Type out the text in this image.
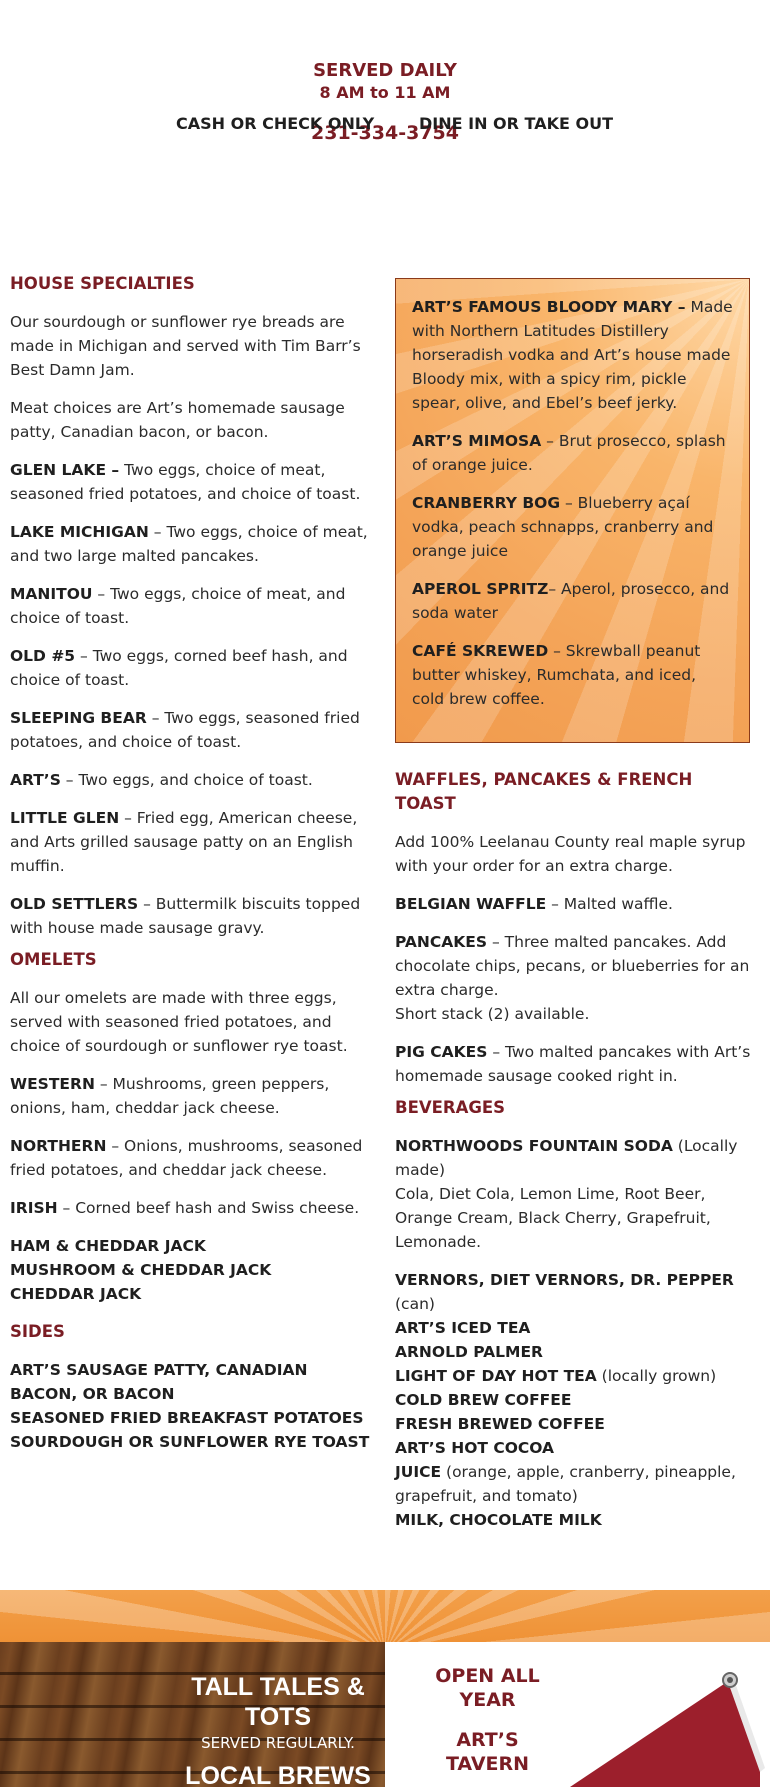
SERVED DAILY
8 AM to 11 AM
231-334-3754
CASH OR CHECK ONLY	DINE IN OR TAKE OUT
HOUSE SPECIALTIES

Our sourdough or sunflower rye breads are made in Michigan and served with Tim Barr’s Best Damn Jam.

Meat choices are Art’s homemade sausage patty, Canadian bacon, or bacon.

GLEN LAKE – Two eggs, choice of meat, seasoned fried potatoes, and choice of toast.

LAKE MICHIGAN – Two eggs, choice of meat, and two large malted pancakes.

MANITOU – Two eggs, choice of meat, and choice of toast.

OLD #5 – Two eggs, corned beef hash, and choice of toast.

SLEEPING BEAR – Two eggs, seasoned fried potatoes, and choice of toast.

ART’S – Two eggs, and choice of toast.

LITTLE GLEN – Fried egg, American cheese, and Arts grilled sausage patty on an English muffin.

OLD SETTLERS – Buttermilk biscuits topped with house made sausage gravy.

OMELETS

All our omelets are made with three eggs, served with seasoned fried potatoes, and choice of sourdough or sunflower rye toast.

WESTERN – Mushrooms, green peppers, onions, ham, cheddar jack cheese.

NORTHERN – Onions, mushrooms, seasoned fried potatoes, and cheddar jack cheese.

IRISH – Corned beef hash and Swiss cheese.

HAM & CHEDDAR JACK
MUSHROOM & CHEDDAR JACK
CHEDDAR JACK
SIDES
ART’S SAUSAGE PATTY, CANADIAN BACON, OR BACON
SEASONED FRIED BREAKFAST POTATOES
SOURDOUGH OR SUNFLOWER RYE TOAST

ART’S FAMOUS BLOODY MARY – Made with Northern Latitudes Distillery horseradish vodka and Art’s house made Bloody mix, with a spicy rim, pickle spear, olive, and Ebel’s beef jerky.

ART’S MIMOSA – Brut prosecco, splash of orange juice.

CRANBERRY BOG – Blueberry açaí vodka, peach schnapps, cranberry and orange juice

APEROL SPRITZ– Aperol, prosecco, and soda water

CAFÉ SKREWED – Skrewball peanut butter whiskey, Rumchata, and iced, cold brew coffee.

WAFFLES, PANCAKES & FRENCH TOAST

Add 100% Leelanau County real maple syrup with your order for an extra charge.

BELGIAN WAFFLE – Malted waffle.

PANCAKES – Three malted pancakes. Add chocolate chips, pecans, or blueberries for an extra charge.
Short stack (2) available.

PIG CAKES – Two malted pancakes with Art’s homemade sausage cooked right in.

BEVERAGES

NORTHWOODS FOUNTAIN SODA (Locally made)
Cola, Diet Cola, Lemon Lime, Root Beer, Orange Cream, Black Cherry, Grapefruit, Lemonade.

VERNORS, DIET VERNORS, DR. PEPPER (can)
ART’S ICED TEA
ARNOLD PALMER
LIGHT OF DAY HOT TEA (locally grown)
COLD BREW COFFEE
FRESH BREWED COFFEE
ART’S HOT COCOA
JUICE (orange, apple, cranberry, pineapple, grapefruit, and tomato)
MILK, CHOCOLATE MILK
TALL TALES & TOTS
SERVED REGULARLY.
LOCAL BREWS
OPEN ALL YEAR
ART’S TAVERN
